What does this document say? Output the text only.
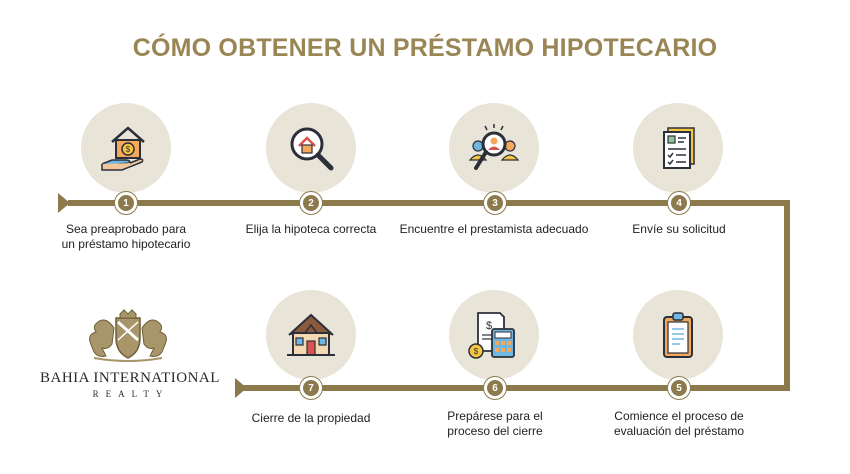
CÓMO OBTENER UN PRÉSTAMO HIPOTECARIO
$
1
Sea preaprobado para
un préstamo hipotecario
2
Elija la hipoteca correcta
3
Encuentre el prestamista adecuado
4
Envíe su solicitud
5
Comience el proceso de
evaluación del préstamo
$
$
6
Prepárese para el
proceso del cierre
7
Cierre de la propiedad
BAHIA INTERNATIONAL
REALTY
